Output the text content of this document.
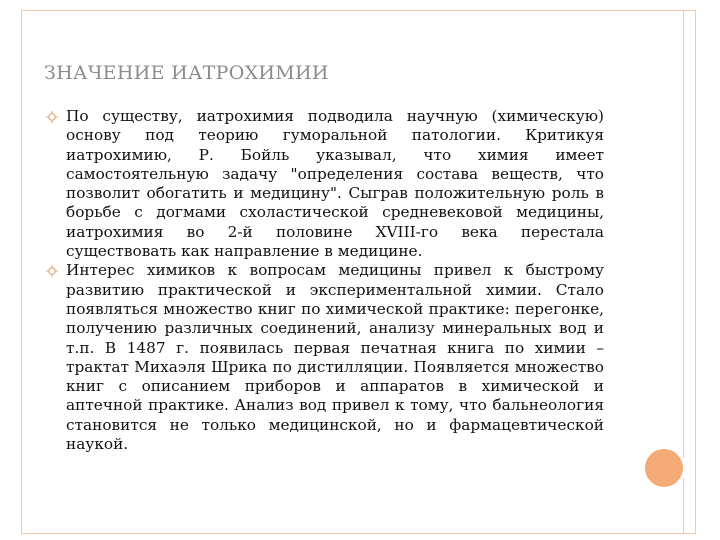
ЗНАЧЕНИЕ ИАТРОХИМИИ
По существу, иатрохимия подводила научную (химическую) основу под теорию гуморальной патологии. Критикуя иатрохимию, Р. Бойль указывал, что химия имеет самостоятельную задачу "определения состава веществ, что позволит обогатить и медицину". Сыграв положительную роль в борьбе с догмами схоластической средневековой медицины, иатрохимия во 2-й половине XVIII-го века перестала существовать как направление в медицине.
Интерес химиков к вопросам медицины привел к быстрому развитию практической и экспериментальной химии. Стало появляться множество книг по химической практике: перегонке, получению различных соединений, анализу минеральных вод и т.п. В 1487 г. появилась первая печатная книга по химии – трактат Михаэля Шрика по дистилляции. Появляется множество книг с описанием приборов и аппаратов в химической и аптечной практике. Анализ вод привел к тому, что бальнеология становится не только медицинской, но и фармацевтической наукой.
